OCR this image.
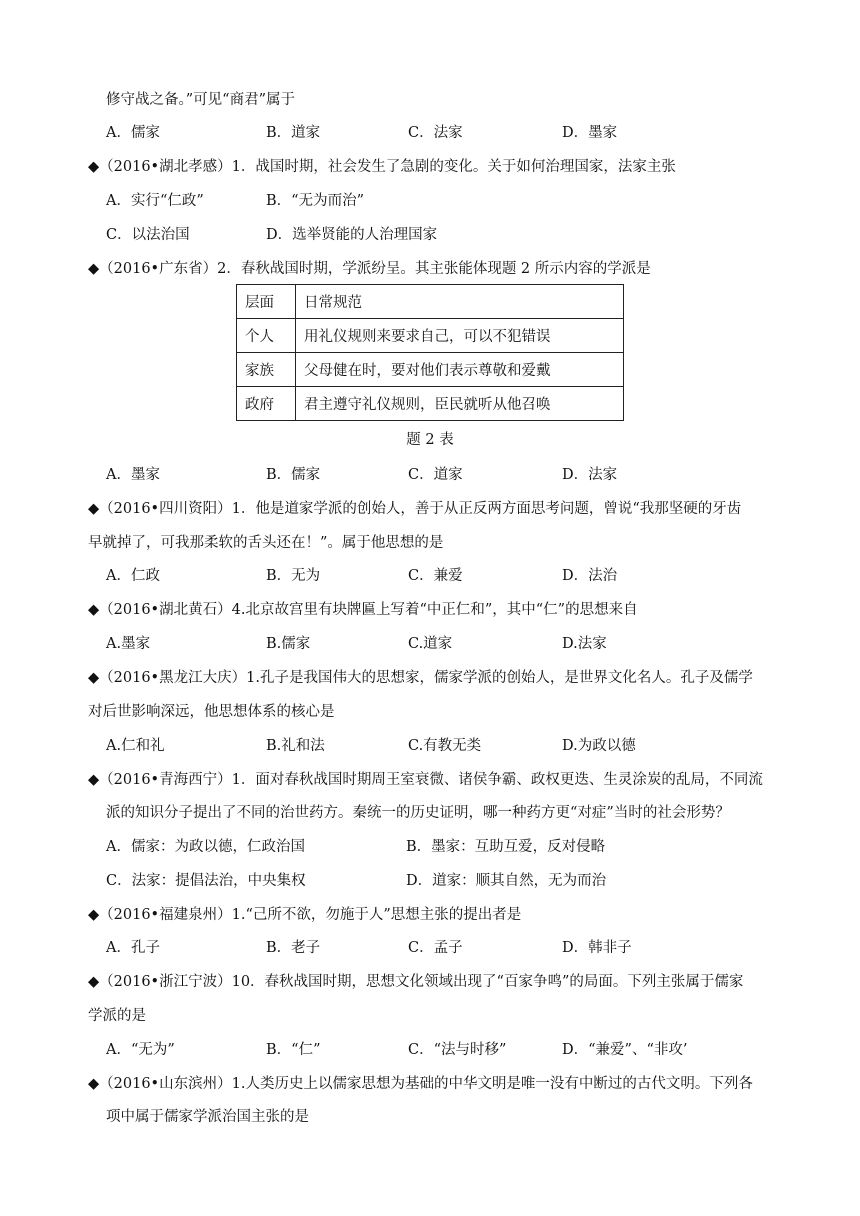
修守战之备。”可见“商君”属于
A．儒家	B．道家	C．法家	D．墨家
◆（2016•湖北孝感）1．战国时期，社会发生了急剧的变化。关于如何治理国家，法家主张
A．实行“仁政”	B．“无为而治”
C．以法治国	D．选举贤能的人治理国家
◆（2016•广东省）2．春秋战国时期，学派纷呈。其主张能体现题 2 所示内容的学派是
层面	日常规范
个人	用礼仪规则来要求自己，可以不犯错误
家族	父母健在时，要对他们表示尊敬和爱戴
政府	君主遵守礼仪规则，臣民就听从他召唤
题 2 表
A．墨家	B．儒家	C．道家	D．法家
◆（2016•四川资阳）1．他是道家学派的创始人，善于从正反两方面思考问题，曾说“我那坚硬的牙齿
早就掉了，可我那柔软的舌头还在！”。属于他思想的是
A．仁政	B．无为	C．兼爱	D．法治
◆（2016•湖北黄石）4.北京故宫里有块牌匾上写着“中正仁和”，其中“仁”的思想来自
A.墨家	B.儒家	C.道家	D.法家
◆（2016•黑龙江大庆）1.孔子是我国伟大的思想家，儒家学派的创始人，是世界文化名人。孔子及儒学
对后世影响深远，他思想体系的核心是
A.仁和礼	B.礼和法	C.有教无类	D.为政以德
◆（2016•青海西宁）1．面对春秋战国时期周王室衰微、诸侯争霸、政权更迭、生灵涂炭的乱局，不同流
派的知识分子提出了不同的治世药方。秦统一的历史证明，哪一种药方更“对症”当时的社会形势？
A．儒家：为政以德，仁政治国	B．墨家：互助互爱，反对侵略
C．法家：提倡法治，中央集权	D．道家：顺其自然，无为而治
◆（2016•福建泉州）1.“己所不欲，勿施于人”思想主张的提出者是
A．孔子	B．老子	C．孟子	D．韩非子
◆（2016•浙江宁波）10．春秋战国时期，思想文化领域出现了“百家争鸣”的局面。下列主张属于儒家
学派的是
A．“无为”	B．“仁”	C．“法与时移”	D．“兼爱”、“非攻’
◆（2016•山东滨州）1.人类历史上以儒家思想为基础的中华文明是唯一没有中断过的古代文明。下列各
项中属于儒家学派治国主张的是
